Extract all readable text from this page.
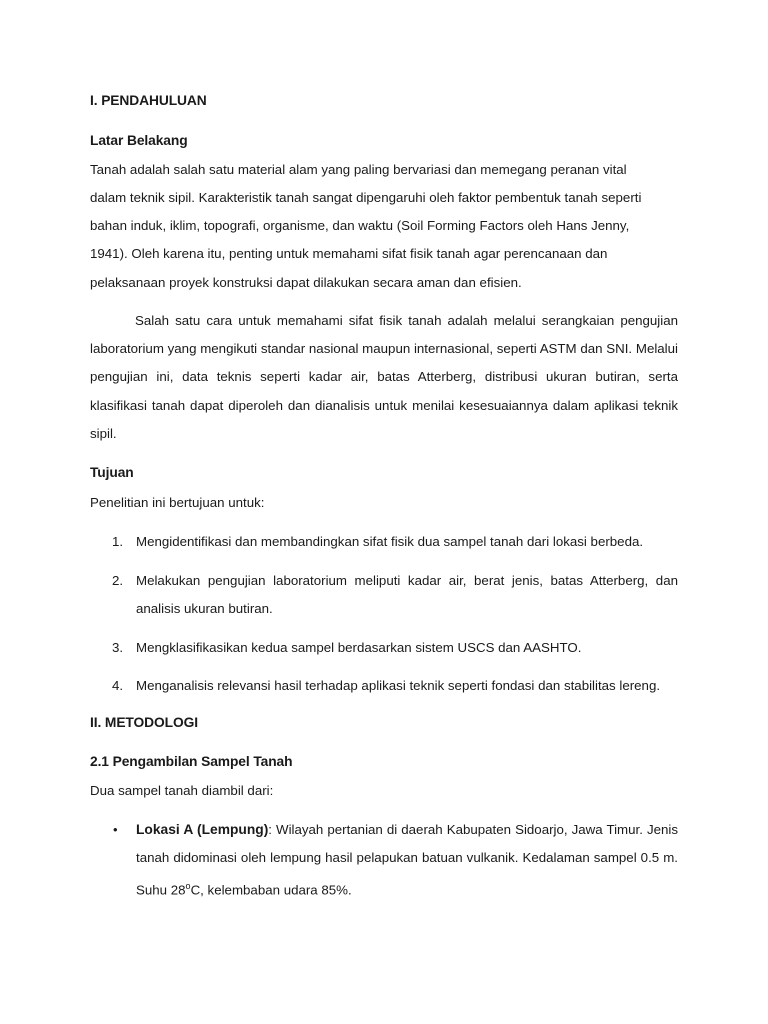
I. PENDAHULUAN
Latar Belakang
Tanah adalah salah satu material alam yang paling bervariasi dan memegang peranan vital
dalam teknik sipil. Karakteristik tanah sangat dipengaruhi oleh faktor pembentuk tanah seperti
bahan induk, iklim, topografi, organisme, dan waktu (Soil Forming Factors oleh Hans Jenny,
1941). Oleh karena itu, penting untuk memahami sifat fisik tanah agar perencanaan dan
pelaksanaan proyek konstruksi dapat dilakukan secara aman dan efisien.

Salah satu cara untuk memahami sifat fisik tanah adalah melalui serangkaian pengujian laboratorium yang mengikuti standar nasional maupun internasional, seperti ASTM dan SNI. Melalui pengujian ini, data teknis seperti kadar air, batas Atterberg, distribusi ukuran butiran, serta klasifikasi tanah dapat diperoleh dan dianalisis untuk menilai kesesuaiannya dalam aplikasi teknik sipil.

Tujuan
Penelitian ini bertujuan untuk:
1. Mengidentifikasi dan membandingkan sifat fisik dua sampel tanah dari lokasi berbeda.
2. Melakukan pengujian laboratorium meliputi kadar air, berat jenis, batas Atterberg, dan analisis ukuran butiran.
3. Mengklasifikasikan kedua sampel berdasarkan sistem USCS dan AASHTO.
4. Menganalisis relevansi hasil terhadap aplikasi teknik seperti fondasi dan stabilitas lereng.
II. METODOLOGI
2.1 Pengambilan Sampel Tanah
Dua sampel tanah diambil dari:
• Lokasi A (Lempung): Wilayah pertanian di daerah Kabupaten Sidoarjo, Jawa Timur. Jenis tanah didominasi oleh lempung hasil pelapukan batuan vulkanik. Kedalaman sampel 0.5 m. Suhu 28$^o$C, kelembaban udara 85%.
